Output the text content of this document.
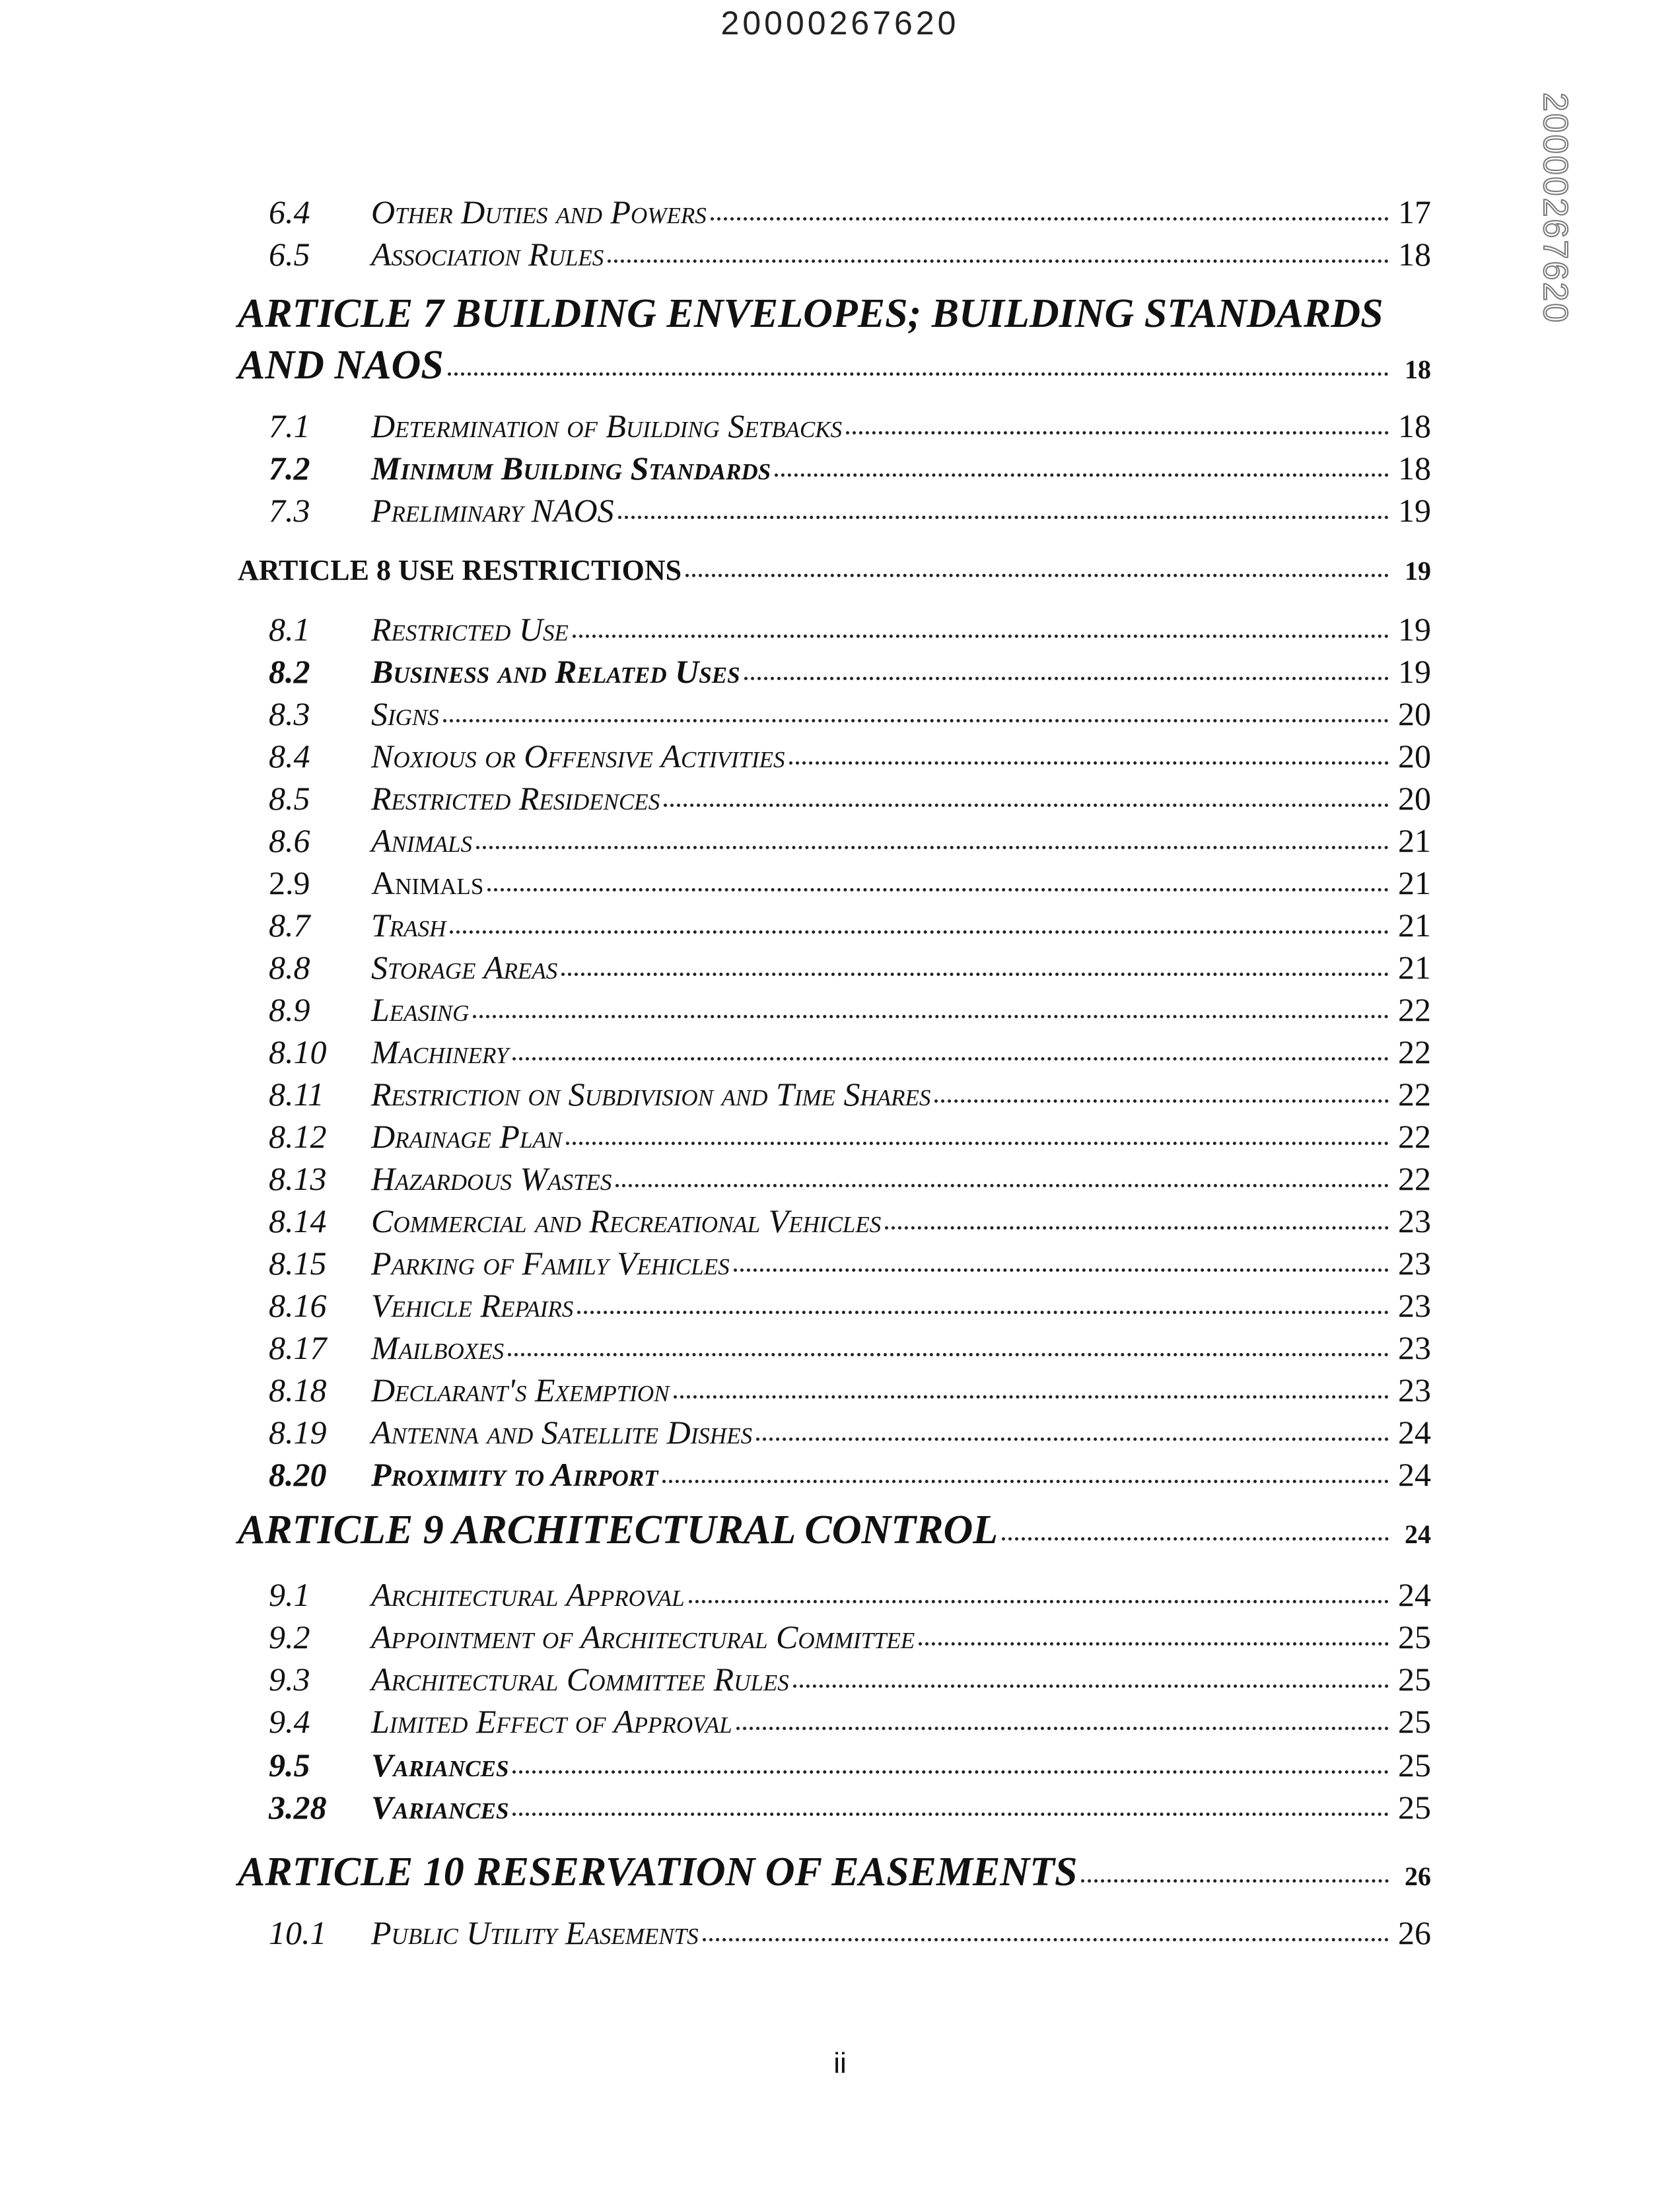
20000267620
20000267620
6.4	Other Duties and Powers	17
6.5	Association Rules	18
ARTICLE 7 BUILDING ENVELOPES; BUILDING STANDARDS
AND NAOS	18
7.1	Determination of Building Setbacks	18
7.2	Minimum Building Standards	18
7.3	Preliminary NAOS	19
ARTICLE 8 USE RESTRICTIONS	19
8.1	Restricted Use	19
8.2	Business and Related Uses	19
8.3	Signs	20
8.4	Noxious or Offensive Activities	20
8.5	Restricted Residences	20
8.6	Animals	21
2.9	Animals	21
8.7	Trash	21
8.8	Storage Areas	21
8.9	Leasing	22
8.10	Machinery	22
8.11	Restriction on Subdivision and Time Shares	22
8.12	Drainage Plan	22
8.13	Hazardous Wastes	22
8.14	Commercial and Recreational Vehicles	23
8.15	Parking of Family Vehicles	23
8.16	Vehicle Repairs	23
8.17	Mailboxes	23
8.18	Declarant's Exemption	23
8.19	Antenna and Satellite Dishes	24
8.20	Proximity to Airport	24
ARTICLE 9 ARCHITECTURAL CONTROL	24
9.1	Architectural Approval	24
9.2	Appointment of Architectural Committee	25
9.3	Architectural Committee Rules	25
9.4	Limited Effect of Approval	25
9.5	Variances	25
3.28	Variances	25
ARTICLE 10 RESERVATION OF EASEMENTS	26
10.1	Public Utility Easements	26
ii
